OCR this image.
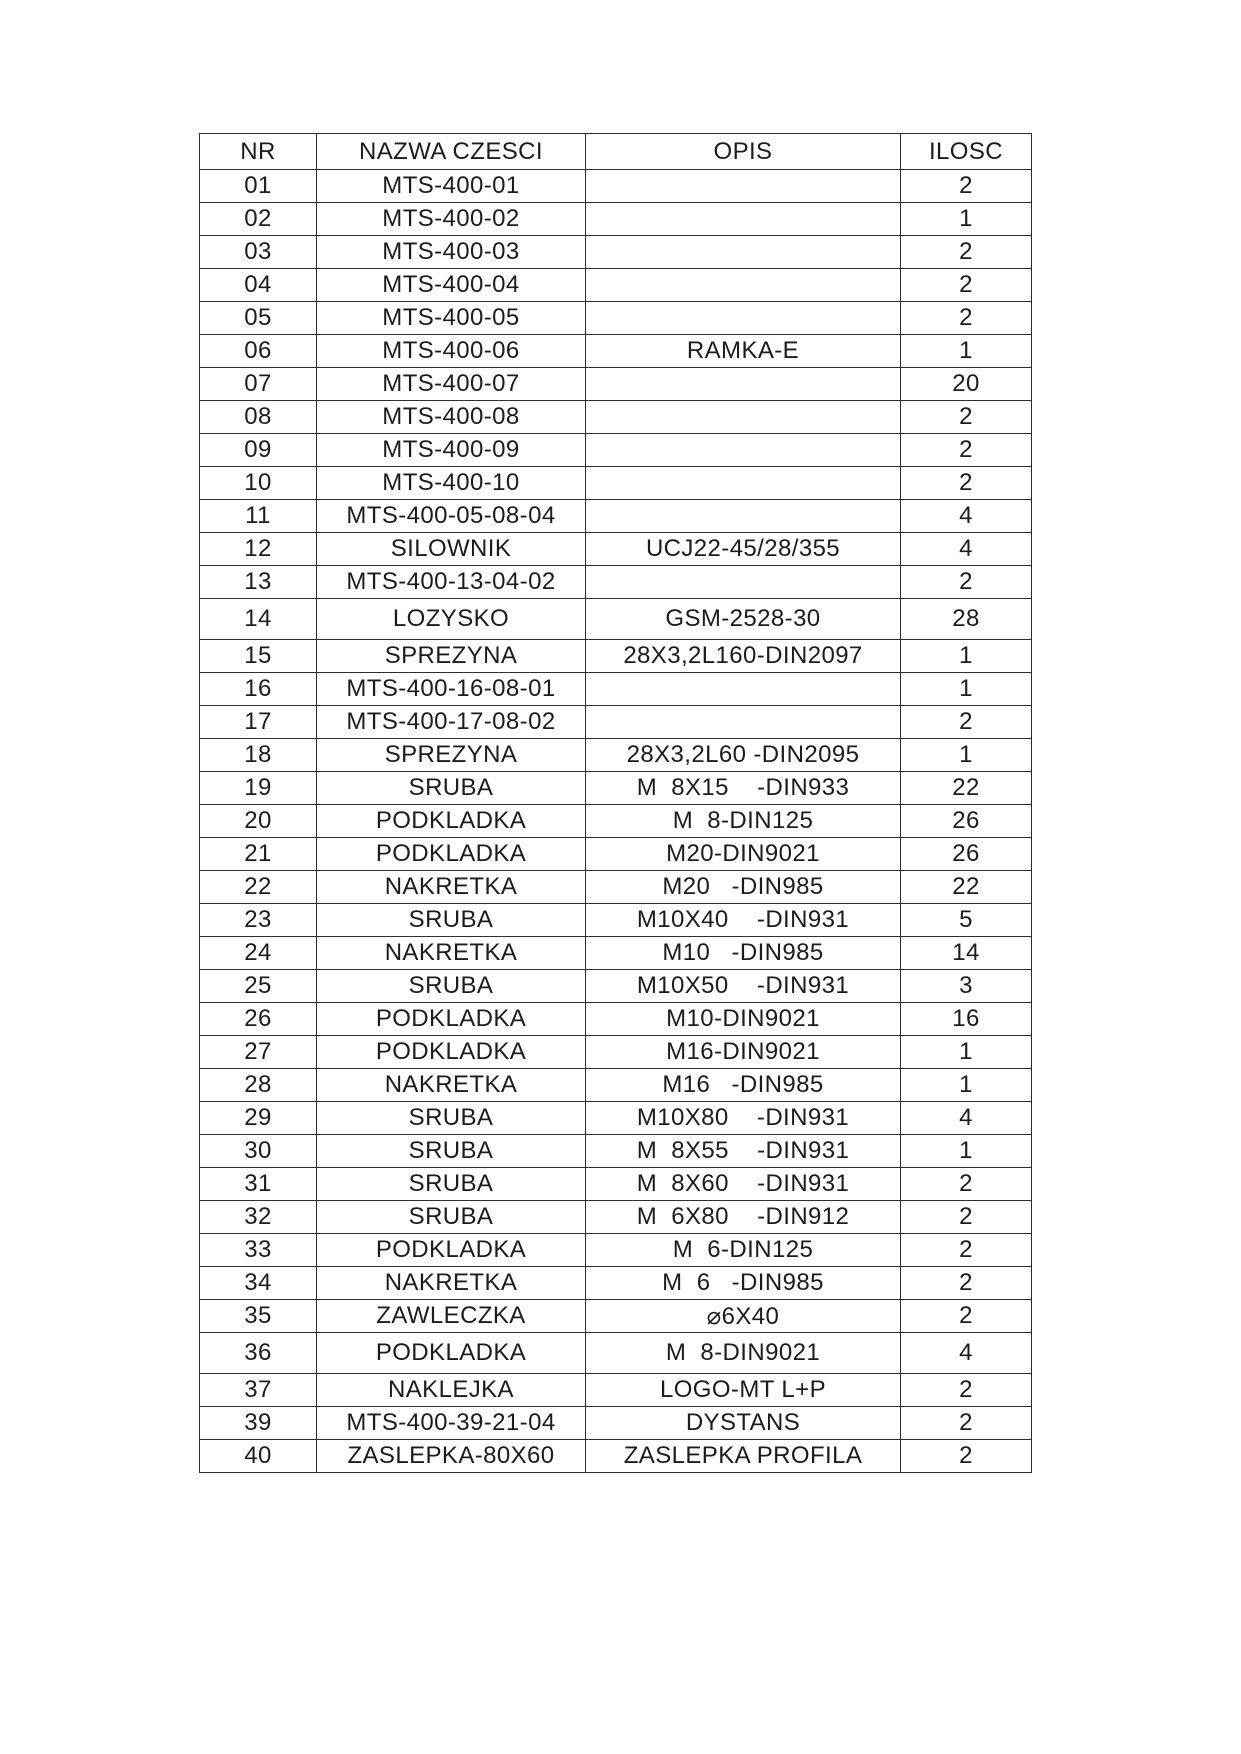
NR	NAZWA CZESCI	OPIS	ILOSC
01	MTS-400-01		2
02	MTS-400-02		1
03	MTS-400-03		2
04	MTS-400-04		2
05	MTS-400-05		2
06	MTS-400-06	RAMKA-E	1
07	MTS-400-07		20
08	MTS-400-08		2
09	MTS-400-09		2
10	MTS-400-10		2
11	MTS-400-05-08-04		4
12	SILOWNIK	UCJ22-45/28/355	4
13	MTS-400-13-04-02		2
14	LOZYSKO	GSM-2528-30	28
15	SPREZYNA	28X3,2L160-DIN2097	1
16	MTS-400-16-08-01		1
17	MTS-400-17-08-02		2
18	SPREZYNA	28X3,2L60 -DIN2095	1
19	SRUBA	M  8X15    -DIN933	22
20	PODKLADKA	M  8-DIN125	26
21	PODKLADKA	M20-DIN9021	26
22	NAKRETKA	M20   -DIN985	22
23	SRUBA	M10X40    -DIN931	5
24	NAKRETKA	M10   -DIN985	14
25	SRUBA	M10X50    -DIN931	3
26	PODKLADKA	M10-DIN9021	16
27	PODKLADKA	M16-DIN9021	1
28	NAKRETKA	M16   -DIN985	1
29	SRUBA	M10X80    -DIN931	4
30	SRUBA	M  8X55    -DIN931	1
31	SRUBA	M  8X60    -DIN931	2
32	SRUBA	M  6X80    -DIN912	2
33	PODKLADKA	M  6-DIN125	2
34	NAKRETKA	M  6   -DIN985	2
35	ZAWLECZKA	⌀6X40	2
36	PODKLADKA	M  8-DIN9021	4
37	NAKLEJKA	LOGO-MT L+P	2
39	MTS-400-39-21-04	DYSTANS	2
40	ZASLEPKA-80X60	ZASLEPKA PROFILA	2
